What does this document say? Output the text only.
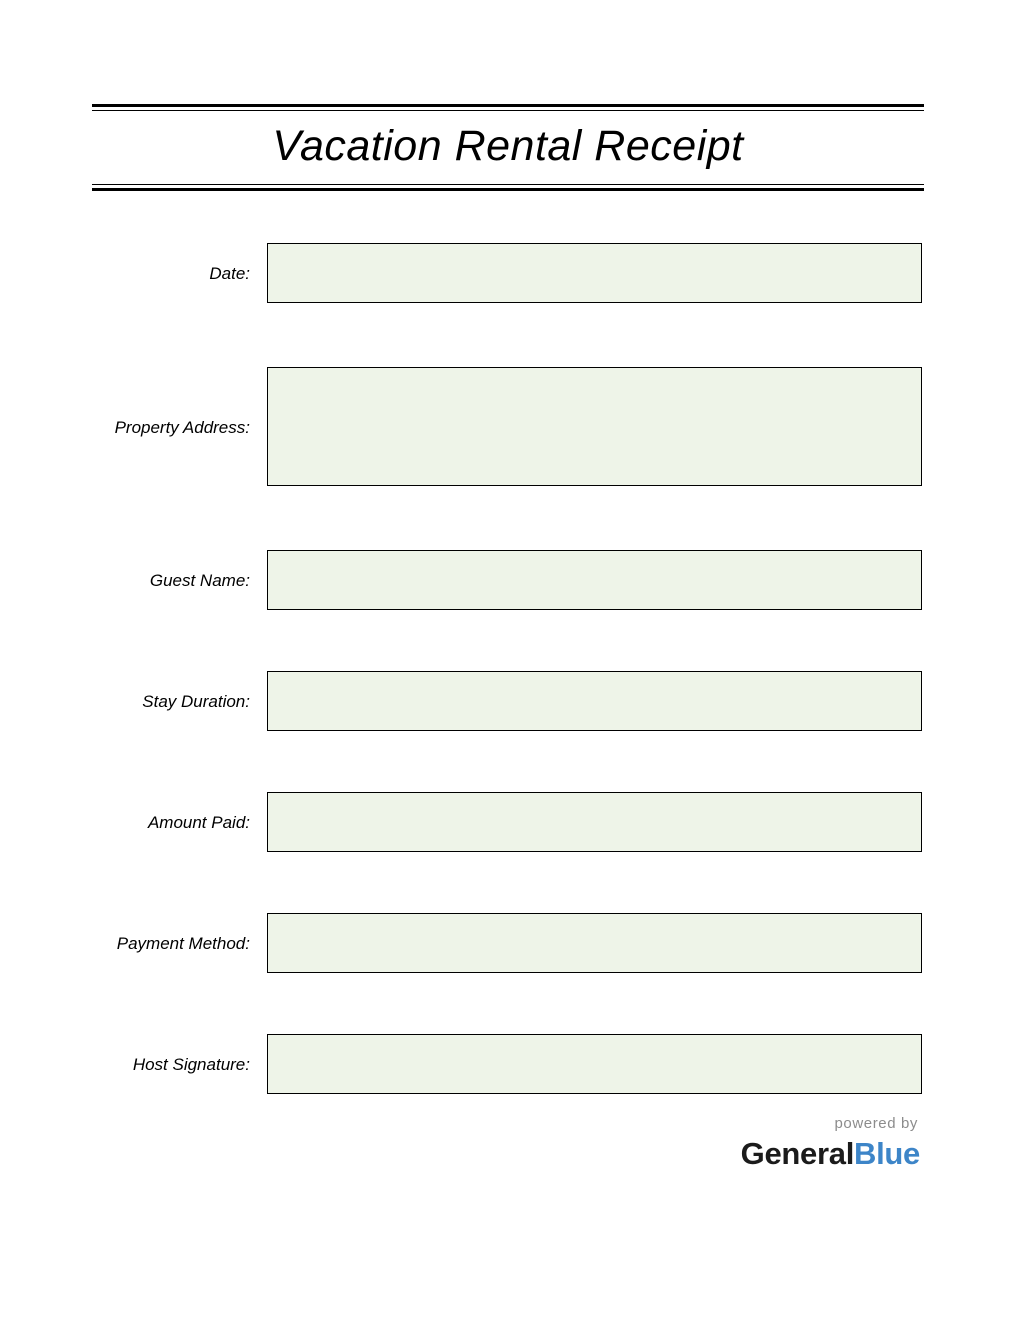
Vacation Rental Receipt
Date:
Property Address:
Guest Name:
Stay Duration:
Amount Paid:
Payment Method:
Host Signature:
powered by
GeneralBlue
